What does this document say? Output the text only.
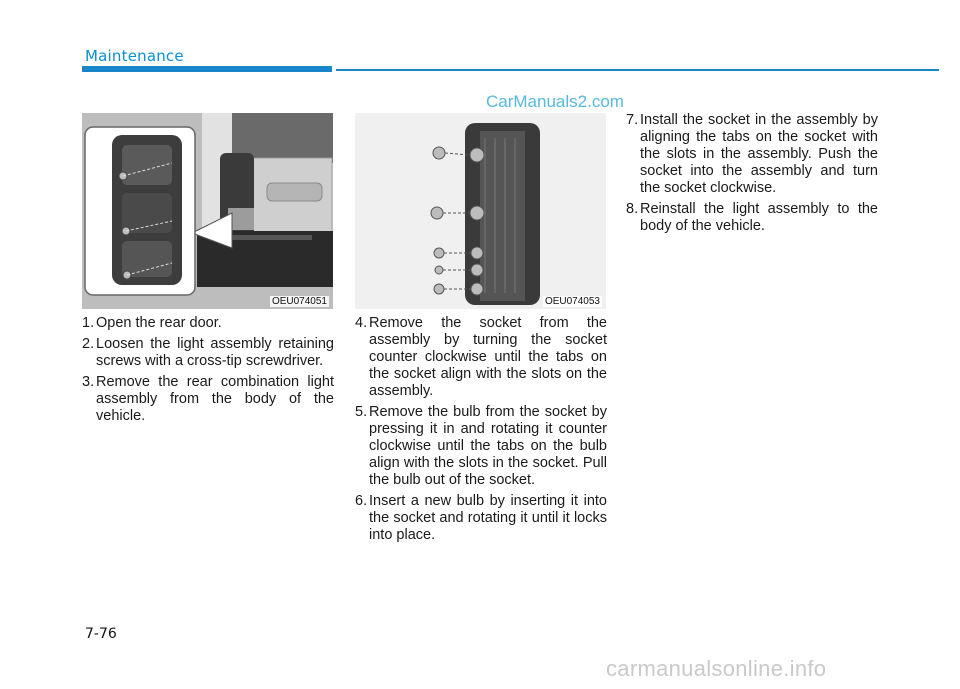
Maintenance
CarManuals2.com
OEU074051	OEU074053
1. Open the rear door.
2. Loosen the light assembly retaining screws with a cross-tip screwdriver.
3. Remove the rear combination light assembly from the body of the vehicle.
4. Remove the socket from the assembly by turning the socket counter clockwise until the tabs on the socket align with the slots on the assembly.
5. Remove the bulb from the socket by pressing it in and rotating it counter clockwise until the tabs on the bulb align with the slots in the socket. Pull the bulb out of the socket.
6. Insert a new bulb by inserting it into the socket and rotating it until it locks into place.
7. Install the socket in the assembly by aligning the tabs on the socket with the slots in the assembly. Push the socket into the assembly and turn the socket clockwise.
8. Reinstall the light assembly to the body of the vehicle.
7-76
carmanualsonline.info
